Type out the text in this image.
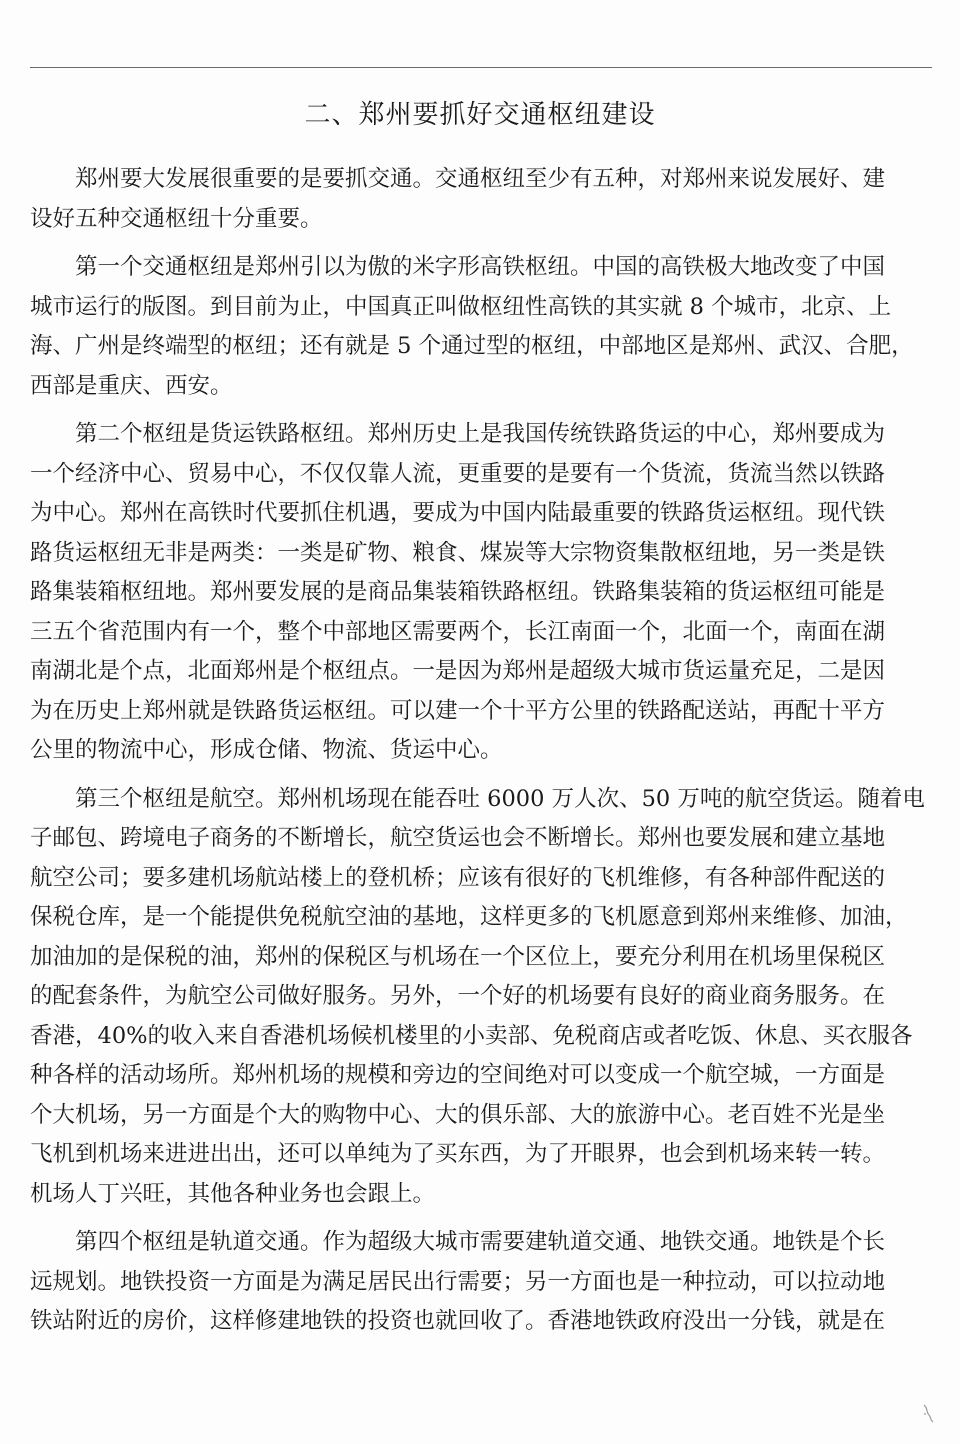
二、郑州要抓好交通枢纽建设
郑州要大发展很重要的是要抓交通。交通枢纽至少有五种，对郑州来说发展好、建
设好五种交通枢纽十分重要。
第一个交通枢纽是郑州引以为傲的米字形高铁枢纽。中国的高铁极大地改变了中国
城市运行的版图。到目前为止，中国真正叫做枢纽性高铁的其实就 8 个城市，北京、上
海、广州是终端型的枢纽；还有就是 5 个通过型的枢纽，中部地区是郑州、武汉、合肥，
西部是重庆、西安。
第二个枢纽是货运铁路枢纽。郑州历史上是我国传统铁路货运的中心，郑州要成为
一个经济中心、贸易中心，不仅仅靠人流，更重要的是要有一个货流，货流当然以铁路
为中心。郑州在高铁时代要抓住机遇，要成为中国内陆最重要的铁路货运枢纽。现代铁
路货运枢纽无非是两类：一类是矿物、粮食、煤炭等大宗物资集散枢纽地，另一类是铁
路集装箱枢纽地。郑州要发展的是商品集装箱铁路枢纽。铁路集装箱的货运枢纽可能是
三五个省范围内有一个，整个中部地区需要两个，长江南面一个，北面一个，南面在湖
南湖北是个点，北面郑州是个枢纽点。一是因为郑州是超级大城市货运量充足，二是因
为在历史上郑州就是铁路货运枢纽。可以建一个十平方公里的铁路配送站，再配十平方
公里的物流中心，形成仓储、物流、货运中心。
第三个枢纽是航空。郑州机场现在能吞吐 6000 万人次、50 万吨的航空货运。随着电
子邮包、跨境电子商务的不断增长，航空货运也会不断增长。郑州也要发展和建立基地
航空公司；要多建机场航站楼上的登机桥；应该有很好的飞机维修，有各种部件配送的
保税仓库，是一个能提供免税航空油的基地，这样更多的飞机愿意到郑州来维修、加油，
加油加的是保税的油，郑州的保税区与机场在一个区位上，要充分利用在机场里保税区
的配套条件，为航空公司做好服务。另外，一个好的机场要有良好的商业商务服务。在
香港，40%的收入来自香港机场候机楼里的小卖部、免税商店或者吃饭、休息、买衣服各
种各样的活动场所。郑州机场的规模和旁边的空间绝对可以变成一个航空城，一方面是
个大机场，另一方面是个大的购物中心、大的俱乐部、大的旅游中心。老百姓不光是坐
飞机到机场来进进出出，还可以单纯为了买东西，为了开眼界，也会到机场来转一转。
机场人丁兴旺，其他各种业务也会跟上。
第四个枢纽是轨道交通。作为超级大城市需要建轨道交通、地铁交通。地铁是个长
远规划。地铁投资一方面是为满足居民出行需要；另一方面也是一种拉动，可以拉动地
铁站附近的房价，这样修建地铁的投资也就回收了。香港地铁政府没出一分钱，就是在
